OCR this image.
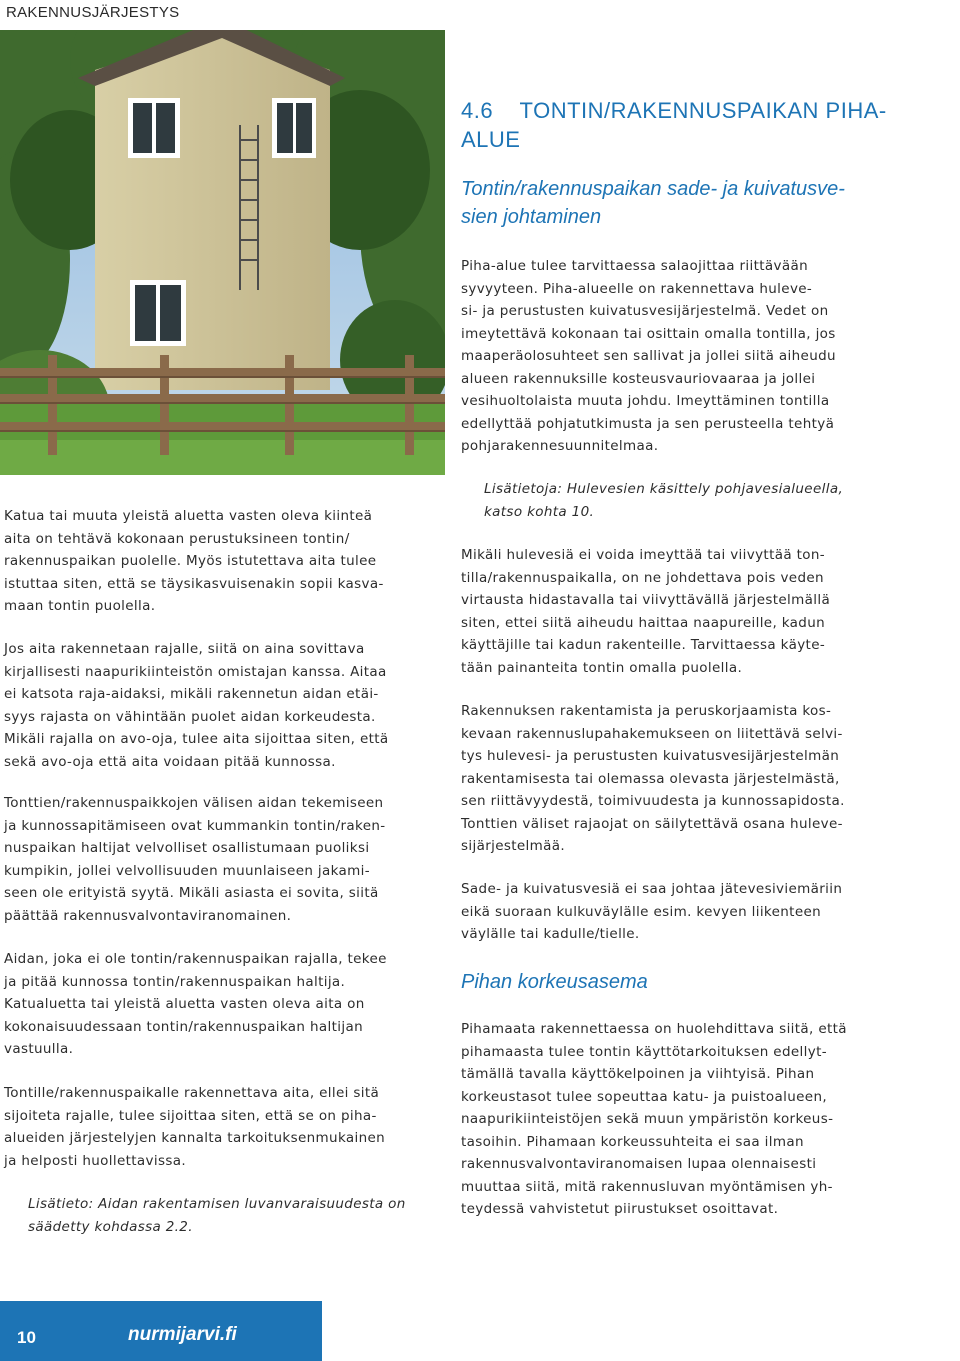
RAKENNUSJÄRJESTYS
4.6 TONTIN/RAKENNUSPAIKAN PIHA-
ALUE
Tontin/rakennuspaikan sade- ja kuivatusve-
sien johtaminen

Piha-alue tulee tarvittaessa salaojittaa riittävään

syvyyteen. Piha-alueelle on rakennettava huleve-

si- ja perustusten kuivatusvesijärjestelmä. Vedet on

imeytettävä kokonaan tai osittain omalla tontilla, jos

maaperäolosuhteet sen sallivat ja jollei siitä aiheudu

alueen rakennuksille kosteusvauriovaaraa ja jollei

vesihuoltolaista muuta johdu. Imeyttäminen tontilla

edellyttää pohjatutkimusta ja sen perusteella tehtyä

pohjarakennesuunnitelmaa.

Lisätietoja: Hulevesien käsittely pohjavesialueella,

katso kohta 10.

Mikäli hulevesiä ei voida imeyttää tai viivyttää ton-

tilla/rakennuspaikalla, on ne johdettava pois veden

virtausta hidastavalla tai viivyttävällä järjestelmällä

siten, ettei siitä aiheudu haittaa naapureille, kadun

käyttäjille tai kadun rakenteille. Tarvittaessa käyte-

tään painanteita tontin omalla puolella.

Rakennuksen rakentamista ja peruskorjaamista kos-

kevaan rakennuslupahakemukseen on liitettävä selvi-

tys hulevesi- ja perustusten kuivatusvesijärjestelmän

rakentamisesta tai olemassa olevasta järjestelmästä,

sen riittävyydestä, toimivuudesta ja kunnossapidosta.

Tonttien väliset rajaojat on säilytettävä osana huleve-

sijärjestelmää.

Sade- ja kuivatusvesiä ei saa johtaa jätevesiviemäriin

eikä suoraan kulkuväylälle esim. kevyen liikenteen

väylälle tai kadulle/tielle.

Pihan korkeusasema

Pihamaata rakennettaessa on huolehdittava siitä, että

pihamaasta tulee tontin käyttötarkoituksen edellyt-

tämällä tavalla käyttökelpoinen ja viihtyisä. Pihan

korkeustasot tulee sopeuttaa katu- ja puistoalueen,

naapurikiinteistöjen sekä muun ympäristön korkeus-

tasoihin. Pihamaan korkeussuhteita ei saa ilman

rakennusvalvontaviranomaisen lupaa olennaisesti

muuttaa siitä, mitä rakennusluvan myöntämisen yh-

teydessä vahvistetut piirustukset osoittavat.

Katua tai muuta yleistä aluetta vasten oleva kiinteä

aita on tehtävä kokonaan perustuksineen tontin/

rakennuspaikan puolelle. Myös istutettava aita tulee

istuttaa siten, että se täysikasvuisenakin sopii kasva-

maan tontin puolella.

Jos aita rakennetaan rajalle, siitä on aina sovittava

kirjallisesti naapurikiinteistön omistajan kanssa. Aitaa

ei katsota raja-aidaksi, mikäli rakennetun aidan etäi-

syys rajasta on vähintään puolet aidan korkeudesta.

Mikäli rajalla on avo-oja, tulee aita sijoittaa siten, että

sekä avo-oja että aita voidaan pitää kunnossa.

Tonttien/rakennuspaikkojen välisen aidan tekemiseen

ja kunnossapitämiseen ovat kummankin tontin/raken-

nuspaikan haltijat velvolliset osallistumaan puoliksi

kumpikin, jollei velvollisuuden muunlaiseen jakami-

seen ole erityistä syytä. Mikäli asiasta ei sovita, siitä

päättää rakennusvalvontaviranomainen.

Aidan, joka ei ole tontin/rakennuspaikan rajalla, tekee

ja pitää kunnossa tontin/rakennuspaikan haltija.

Katualuetta tai yleistä aluetta vasten oleva aita on

kokonaisuudessaan tontin/rakennuspaikan haltijan

vastuulla.

Tontille/rakennuspaikalle rakennettava aita, ellei sitä

sijoiteta rajalle, tulee sijoittaa siten, että se on piha-

alueiden järjestelyjen kannalta tarkoituksenmukainen

ja helposti huollettavissa.

Lisätieto: Aidan rakentamisen luvanvaraisuudesta on

säädetty kohdassa 2.2.

10	nurmijarvi.fi
